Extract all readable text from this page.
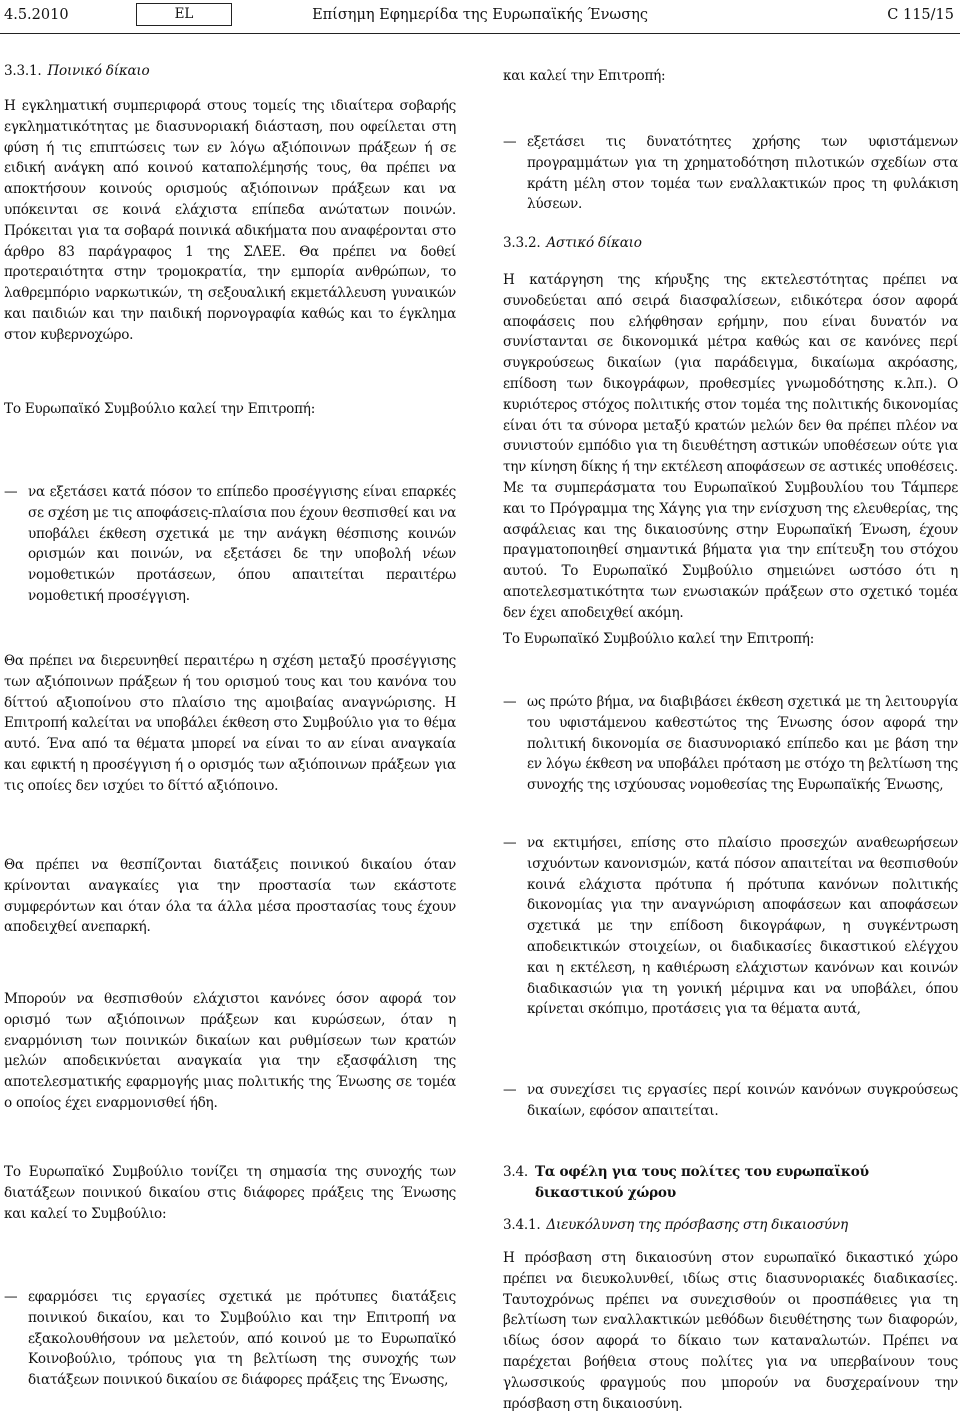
4.5.2010	EL	Επίσημη Εφημερίδα της Ευρωπαϊκής Ένωσης	C 115/15
3.3.1. Ποινικό δίκαιο

Η εγκληματική συμπεριφορά στους τομείς της ιδιαίτερα σοβαρής εγκληματικότητας με διασυνοριακή διάσταση, που οφείλεται στη φύση ή τις επιπτώσεις των εν λόγω αξιόποινων πράξεων ή σε ειδική ανάγκη από κοινού καταπολέμησής τους, θα πρέπει να αποκτήσουν κοινούς ορισμούς αξιόποινων πράξεων και να υπόκεινται σε κοινά ελάχιστα επίπεδα ανώτατων ποινών. Πρόκειται για τα σοβαρά ποινικά αδικήματα που αναφέρονται στο άρθρο 83 παράγραφος 1 της ΣΛΕΕ. Θα πρέπει να δοθεί προτεραιότητα στην τρομοκρατία, την εμπορία ανθρώπων, το λαθρεμπόριο ναρκωτικών, τη σεξουαλική εκμετάλλευση γυναικών και παιδιών και την παιδική πορνογραφία καθώς και το έγκλημα στον κυβερνοχώρο.

Το Ευρωπαϊκό Συμβούλιο καλεί την Επιτροπή:

— να εξετάσει κατά πόσον το επίπεδο προσέγγισης είναι επαρκές σε σχέση με τις αποφάσεις-πλαίσια που έχουν θεσπισθεί και να υποβάλει έκθεση σχετικά με την ανάγκη θέσπισης κοινών ορισμών και ποινών, να εξετάσει δε την υποβολή νέων νομοθετικών προτάσεων, όπου απαιτείται περαιτέρω νομοθετική προσέγγιση.

Θα πρέπει να διερευνηθεί περαιτέρω η σχέση μεταξύ προσέγγισης των αξιόποινων πράξεων ή του ορισμού τους και του κανόνα του δίττού αξιοποίνου στο πλαίσιο της αμοιβαίας αναγνώρισης. Η Επιτροπή καλείται να υποβάλει έκθεση στο Συμβούλιο για το θέμα αυτό. Ένα από τα θέματα μπορεί να είναι το αν είναι αναγκαία και εφικτή η προσέγγιση ή ο ορισμός των αξιόποινων πράξεων για τις οποίες δεν ισχύει το δίττό αξιόποινο.

Θα πρέπει να θεσπίζονται διατάξεις ποινικού δικαίου όταν κρίνονται αναγκαίες για την προστασία των εκάστοτε συμφερόντων και όταν όλα τα άλλα μέσα προστασίας τους έχουν αποδειχθεί ανεπαρκή.

Μπορούν να θεσπισθούν ελάχιστοι κανόνες όσον αφορά τον ορισμό των αξιόποινων πράξεων και κυρώσεων, όταν η εναρμόνιση των ποινικών δικαίων και ρυθμίσεων των κρατών μελών αποδεικνύεται αναγκαία για την εξασφάλιση της αποτελεσματικής εφαρμογής μιας πολιτικής της Ένωσης σε τομέα ο οποίος έχει εναρμονισθεί ήδη.

Το Ευρωπαϊκό Συμβούλιο τονίζει τη σημασία της συνοχής των διατάξεων ποινικού δικαίου στις διάφορες πράξεις της Ένωσης και καλεί το Συμβούλιο:

— εφαρμόσει τις εργασίες σχετικά με πρότυπες διατάξεις ποινικού δικαίου, και το Συμβούλιο και την Επιτροπή να εξακολουθήσουν να μελετούν, από κοινού με το Ευρωπαϊκό Κοινοβούλιο, τρόπους για τη βελτίωση της συνοχής των διατάξεων ποινικού δικαίου σε διάφορες πράξεις της Ένωσης,

και καλεί την Επιτροπή:

— εξετάσει τις δυνατότητες χρήσης των υφιστάμενων προγραμμάτων για τη χρηματοδότηση πιλοτικών σχεδίων στα κράτη μέλη στον τομέα των εναλλακτικών προς τη φυλάκιση λύσεων.
3.3.2. Αστικό δίκαιο

Η κατάργηση της κήρυξης της εκτελεστότητας πρέπει να συνοδεύεται από σειρά διασφαλίσεων, ειδικότερα όσον αφορά αποφάσεις που ελήφθησαν ερήμην, που είναι δυνατόν να συνίστανται σε δικονομικά μέτρα καθώς και σε κανόνες περί συγκρούσεως δικαίων (για παράδειγμα, δικαίωμα ακρόασης, επίδοση των δικογράφων, προθεσμίες γνωμοδότησης κ.λπ.). Ο κυριότερος στόχος πολιτικής στον τομέα της πολιτικής δικονομίας είναι ότι τα σύνορα μεταξύ κρατών μελών δεν θα πρέπει πλέον να συνιστούν εμπόδιο για τη διευθέτηση αστικών υποθέσεων ούτε για την κίνηση δίκης ή την εκτέλεση αποφάσεων σε αστικές υποθέσεις. Με τα συμπεράσματα του Ευρωπαϊκού Συμβουλίου του Τάμπερε και το Πρόγραμμα της Χάγης για την ενίσχυση της ελευθερίας, της ασφάλειας και της δικαιοσύνης στην Ευρωπαϊκή Ένωση, έχουν πραγματοποιηθεί σημαντικά βήματα για την επίτευξη του στόχου αυτού. Το Ευρωπαϊκό Συμβούλιο σημειώνει ωστόσο ότι η αποτελεσματικότητα των ενωσιακών πράξεων στο σχετικό τομέα δεν έχει αποδειχθεί ακόμη.

Το Ευρωπαϊκό Συμβούλιο καλεί την Επιτροπή:

— ως πρώτο βήμα, να διαβιβάσει έκθεση σχετικά με τη λειτουργία του υφιστάμενου καθεστώτος της Ένωσης όσον αφορά την πολιτική δικονομία σε διασυνοριακό επίπεδο και με βάση την εν λόγω έκθεση να υποβάλει πρόταση με στόχο τη βελτίωση της συνοχής της ισχύουσας νομοθεσίας της Ευρωπαϊκής Ένωσης,
— να εκτιμήσει, επίσης στο πλαίσιο προσεχών αναθεωρήσεων ισχυόντων κανονισμών, κατά πόσον απαιτείται να θεσπισθούν κοινά ελάχιστα πρότυπα ή πρότυπα κανόνων πολιτικής δικονομίας για την αναγνώριση αποφάσεων και αποφάσεων σχετικά με την επίδοση δικογράφων, η συγκέντρωση αποδεικτικών στοιχείων, οι διαδικασίες δικαστικού ελέγχου και η εκτέλεση, η καθιέρωση ελάχιστων κανόνων και κοινών διαδικασιών για τη γονική μέριμνα και να υποβάλει, όπου κρίνεται σκόπιμο, προτάσεις για τα θέματα αυτά,
— να συνεχίσει τις εργασίες περί κοινών κανόνων συγκρούσεως δικαίων, εφόσον απαιτείται.
3.4. Τα οφέλη για τους πολίτες του ευρωπαϊκού δικαστικού χώρου
3.4.1. Διευκόλυνση της πρόσβασης στη δικαιοσύνη

Η πρόσβαση στη δικαιοσύνη στον ευρωπαϊκό δικαστικό χώρο πρέπει να διευκολυνθεί, ιδίως στις διασυνοριακές διαδικασίες. Ταυτοχρόνως πρέπει να συνεχισθούν οι προσπάθειες για τη βελτίωση των εναλλακτικών μεθόδων διευθέτησης των διαφορών, ιδίως όσον αφορά το δίκαιο των καταναλωτών. Πρέπει να παρέχεται βοήθεια στους πολίτες για να υπερβαίνουν τους γλωσσικούς φραγμούς που μπορούν να δυσχεραίνουν την πρόσβαση στη δικαιοσύνη.
